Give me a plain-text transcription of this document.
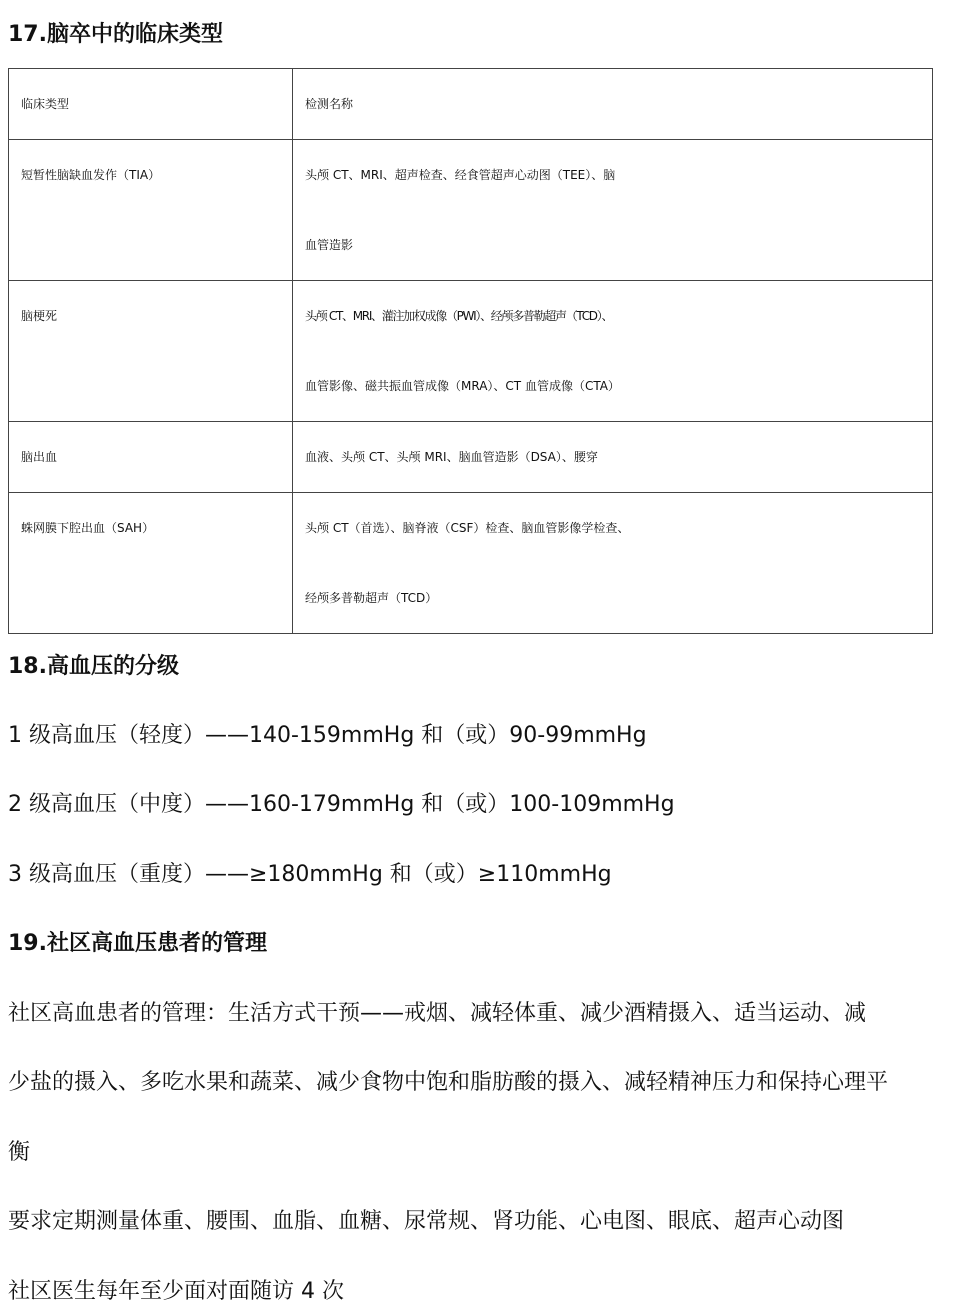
17.脑卒中的临床类型
临床类型	检测名称

短暂性脑缺血发作（TIA）	头颅 CT、MRI、超声检查、经食管超声心动图（TEE）、脑
血管造影

脑梗死	头颅 CT、MRI、灌注加权成像（PWI）、经颅多普勒超声（TCD）、
血管影像、磁共振血管成像（MRA）、CT 血管成像（CTA）

脑出血	血液、头颅 CT、头颅 MRI、脑血管造影（DSA）、腰穿

蛛网膜下腔出血（SAH）	头颅 CT（首选）、脑脊液（CSF）检查、脑血管影像学检查、
经颅多普勒超声（TCD）
18.高血压的分级

1 级高血压（轻度）——140-159mmHg 和（或）90-99mmHg

2 级高血压（中度）——160-179mmHg 和（或）100-109mmHg

3 级高血压（重度）——≥180mmHg 和（或）≥110mmHg

19.社区高血压患者的管理

社区高血患者的管理：生活方式干预——戒烟、减轻体重、减少酒精摄入、适当运动、减

少盐的摄入、多吃水果和蔬菜、减少食物中饱和脂肪酸的摄入、减轻精神压力和保持心理平

衡

要求定期测量体重、腰围、血脂、血糖、尿常规、肾功能、心电图、眼底、超声心动图

社区医生每年至少面对面随访 4 次
